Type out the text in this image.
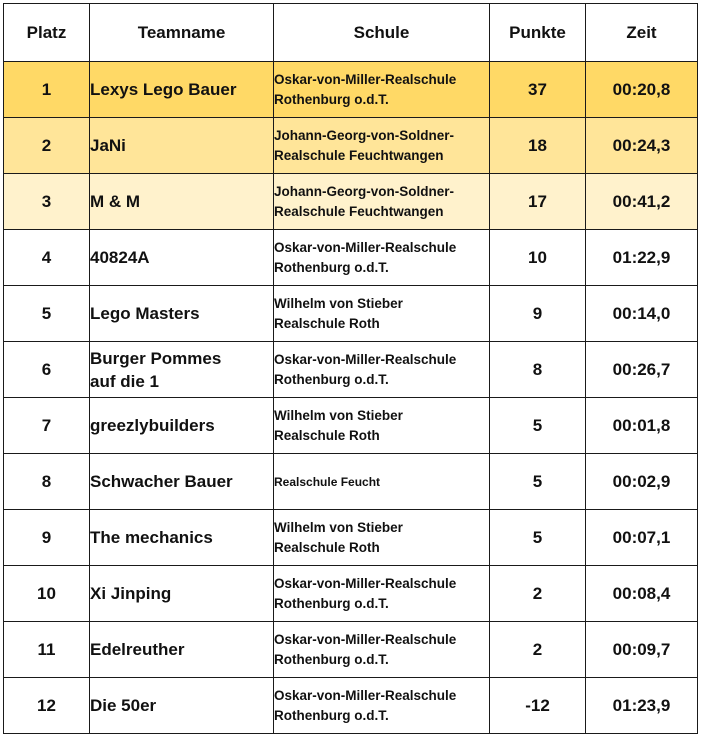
Platz	Teamname	Schule	Punkte	Zeit
1	Lexys Lego Bauer	Oskar-von-Miller-Realschule
Rothenburg o.d.T.	37	00:20,8
2	JaNi	Johann-Georg-von-Soldner-
Realschule Feuchtwangen	18	00:24,3
3	M & M	Johann-Georg-von-Soldner-
Realschule Feuchtwangen	17	00:41,2
4	40824A	Oskar-von-Miller-Realschule
Rothenburg o.d.T.	10	01:22,9
5	Lego Masters	Wilhelm von Stieber
Realschule Roth	9	00:14,0
6	Burger Pommes
auf die 1	Oskar-von-Miller-Realschule
Rothenburg o.d.T.	8	00:26,7
7	greezlybuilders	Wilhelm von Stieber
Realschule Roth	5	00:01,8
8	Schwacher Bauer	Realschule Feucht	5	00:02,9
9	The mechanics	Wilhelm von Stieber
Realschule Roth	5	00:07,1
10	Xi Jinping	Oskar-von-Miller-Realschule
Rothenburg o.d.T.	2	00:08,4
11	Edelreuther	Oskar-von-Miller-Realschule
Rothenburg o.d.T.	2	00:09,7
12	Die 50er	Oskar-von-Miller-Realschule
Rothenburg o.d.T.	-12	01:23,9
